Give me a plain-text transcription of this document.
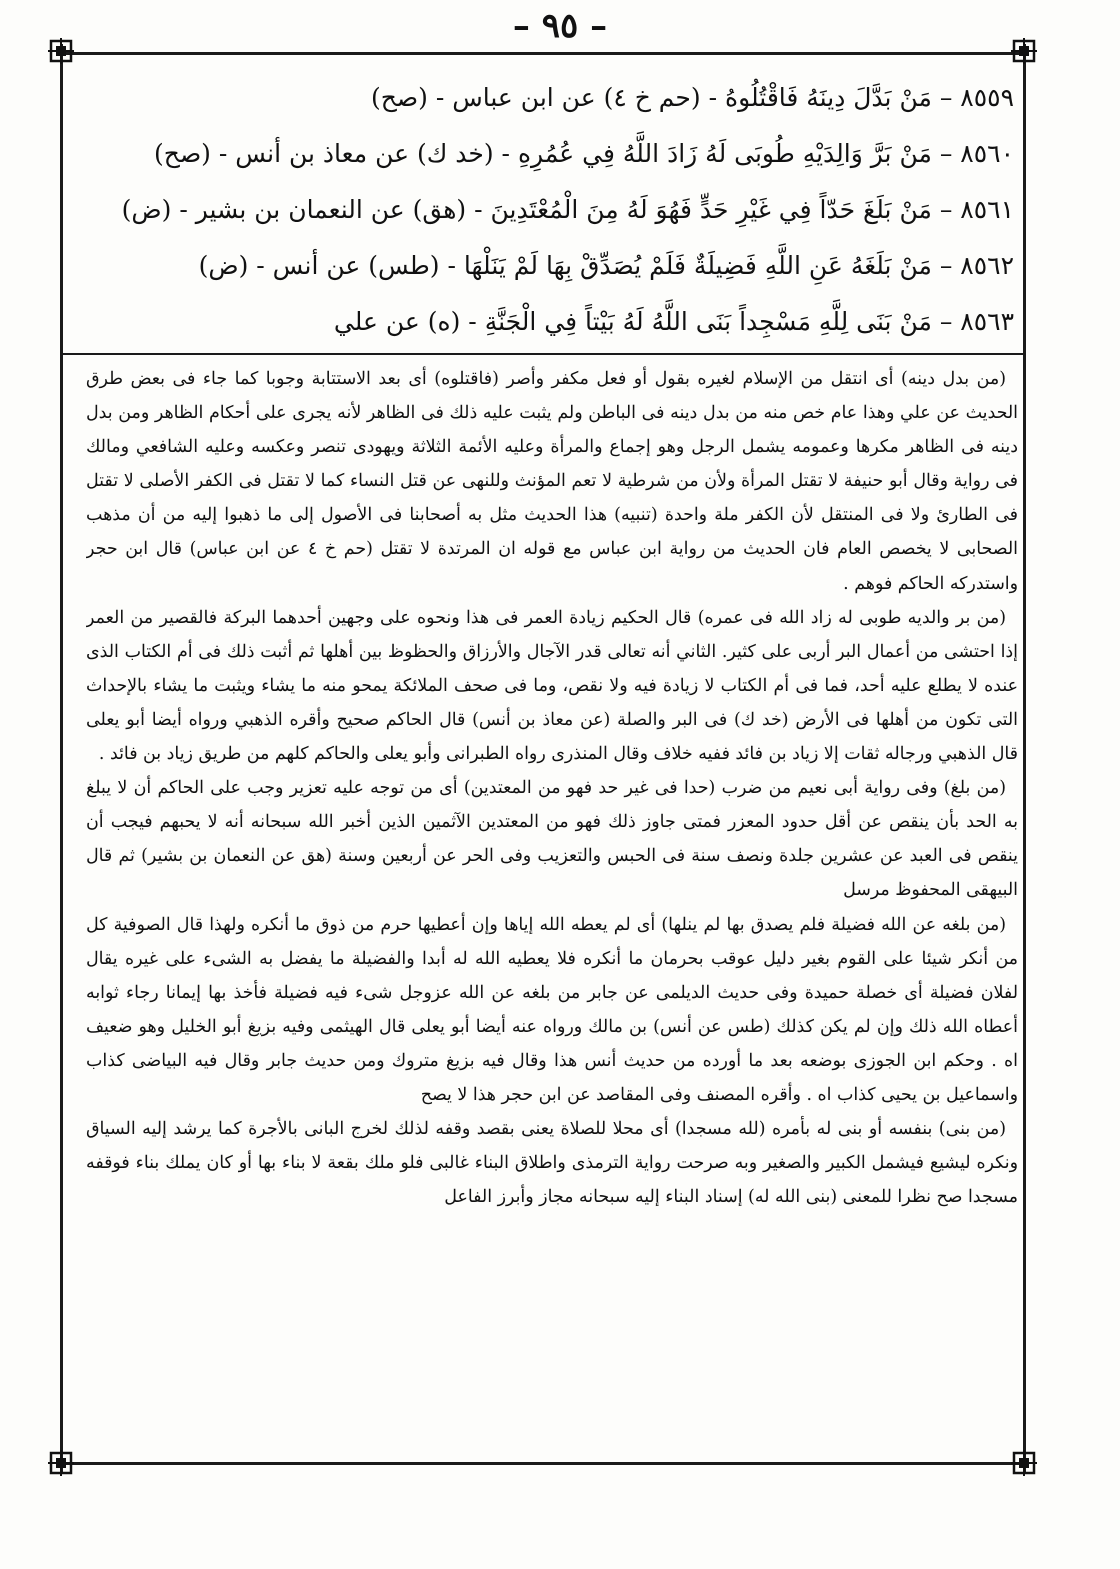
– ٩٥ –
٨٥٥٩ – مَنْ بَدَّلَ دِينَهُ فَاقْتُلُوهُ - (حم خ ٤) عن ابن عباس - (صح)
٨٥٦٠ – مَنْ بَرَّ وَالِدَيْهِ طُوبَى لَهُ زَادَ اللَّهُ فِي عُمُرِهِ - (خد ك) عن معاذ بن أنس - (صح)
٨٥٦١ – مَنْ بَلَغَ حَدّاً فِي غَيْرِ حَدٍّ فَهُوَ لَهُ مِنَ الْمُعْتَدِينَ - (هق) عن النعمان بن بشير - (ض)
٨٥٦٢ – مَنْ بَلَغَهُ عَنِ اللَّهِ فَضِيلَةٌ فَلَمْ يُصَدِّقْ بِهَا لَمْ يَنَلْهَا - (طس) عن أنس - (ض)
٨٥٦٣ – مَنْ بَنَى لِلَّهِ مَسْجِداً بَنَى اللَّهُ لَهُ بَيْتاً فِي الْجَنَّةِ - (ه) عن علي

(من بدل دينه) أى انتقل من الإسلام لغيره بقول أو فعل مكفر وأصر (فاقتلوه) أى بعد الاستتابة وجوبا كما جاء فى بعض طرق الحديث عن علي وهذا عام خص منه من بدل دينه فى الباطن ولم يثبت عليه ذلك فى الظاهر لأنه يجرى على أحكام الظاهر ومن بدل دينه فى الظاهر مكرها وعمومه يشمل الرجل وهو إجماع والمرأة وعليه الأئمة الثلاثة ويهودى تنصر وعكسه وعليه الشافعي ومالك فى رواية وقال أبو حنيفة لا تقتل المرأة ولأن من شرطية لا تعم المؤنث وللنهى عن قتل النساء كما لا تقتل فى الكفر الأصلى لا تقتل فى الطارئ ولا فى المنتقل لأن الكفر ملة واحدة (تنبيه) هذا الحديث مثل به أصحابنا فى الأصول إلى ما ذهبوا إليه من أن مذهب الصحابى لا يخصص العام فان الحديث من رواية ابن عباس مع قوله ان المرتدة لا تقتل (حم خ ٤ عن ابن عباس) قال ابن حجر واستدركه الحاكم فوهم .

(من بر والديه طوبى له زاد الله فى عمره) قال الحكيم زيادة العمر فى هذا ونحوه على وجهين أحدهما البركة فالقصير من العمر إذا احتشى من أعمال البر أربى على كثير. الثاني أنه تعالى قدر الآجال والأرزاق والحظوظ بين أهلها ثم أثبت ذلك فى أم الكتاب الذى عنده لا يطلع عليه أحد، فما فى أم الكتاب لا زيادة فيه ولا نقص، وما فى صحف الملائكة يمحو منه ما يشاء ويثبت ما يشاء بالإحداث التى تكون من أهلها فى الأرض (خد ك) فى البر والصلة (عن معاذ بن أنس) قال الحاكم صحيح وأقره الذهبي ورواه أيضا أبو يعلى قال الذهبي ورجاله ثقات إلا زياد بن فائد ففيه خلاف وقال المنذرى رواه الطبرانى وأبو يعلى والحاكم كلهم من طريق زياد بن فائد .

(من بلغ) وفى رواية أبى نعيم من ضرب (حدا فى غير حد فهو من المعتدين) أى من توجه عليه تعزير وجب على الحاكم أن لا يبلغ به الحد بأن ينقص عن أقل حدود المعزر فمتى جاوز ذلك فهو من المعتدين الآثمين الذين أخبر الله سبحانه أنه لا يحبهم فيجب أن ينقص فى العبد عن عشرين جلدة ونصف سنة فى الحبس والتعزيب وفى الحر عن أربعين وسنة (هق عن النعمان بن بشير) ثم قال البيهقى المحفوظ مرسل

(من بلغه عن الله فضيلة فلم يصدق بها لم ينلها) أى لم يعطه الله إياها وإن أعطيها حرم من ذوق ما أنكره ولهذا قال الصوفية كل من أنكر شيئا على القوم بغير دليل عوقب بحرمان ما أنكره فلا يعطيه الله له أبدا والفضيلة ما يفضل به الشىء على غيره يقال لفلان فضيلة أى خصلة حميدة وفى حديث الديلمى عن جابر من بلغه عن الله عزوجل شىء فيه فضيلة فأخذ بها إيمانا رجاء ثوابه أعطاه الله ذلك وإن لم يكن كذلك (طس عن أنس) بن مالك ورواه عنه أيضا أبو يعلى قال الهيثمى وفيه بزيغ أبو الخليل وهو ضعيف اه . وحكم ابن الجوزى بوضعه بعد ما أورده من حديث أنس هذا وقال فيه بزيغ متروك ومن حديث جابر وقال فيه البياضى كذاب واسماعيل بن يحيى كذاب اه . وأقره المصنف وفى المقاصد عن ابن حجر هذا لا يصح

(من بنى) بنفسه أو بنى له بأمره (لله مسجدا) أى محلا للصلاة يعنى بقصد وقفه لذلك لخرج البانى بالأجرة كما يرشد إليه السياق ونكره ليشيع فيشمل الكبير والصغير وبه صرحت رواية الترمذى واطلاق البناء غالبى فلو ملك بقعة لا بناء بها أو كان يملك بناء فوقفه مسجدا صح نظرا للمعنى (بنى الله له) إسناد البناء إليه سبحانه مجاز وأبرز الفاعل
